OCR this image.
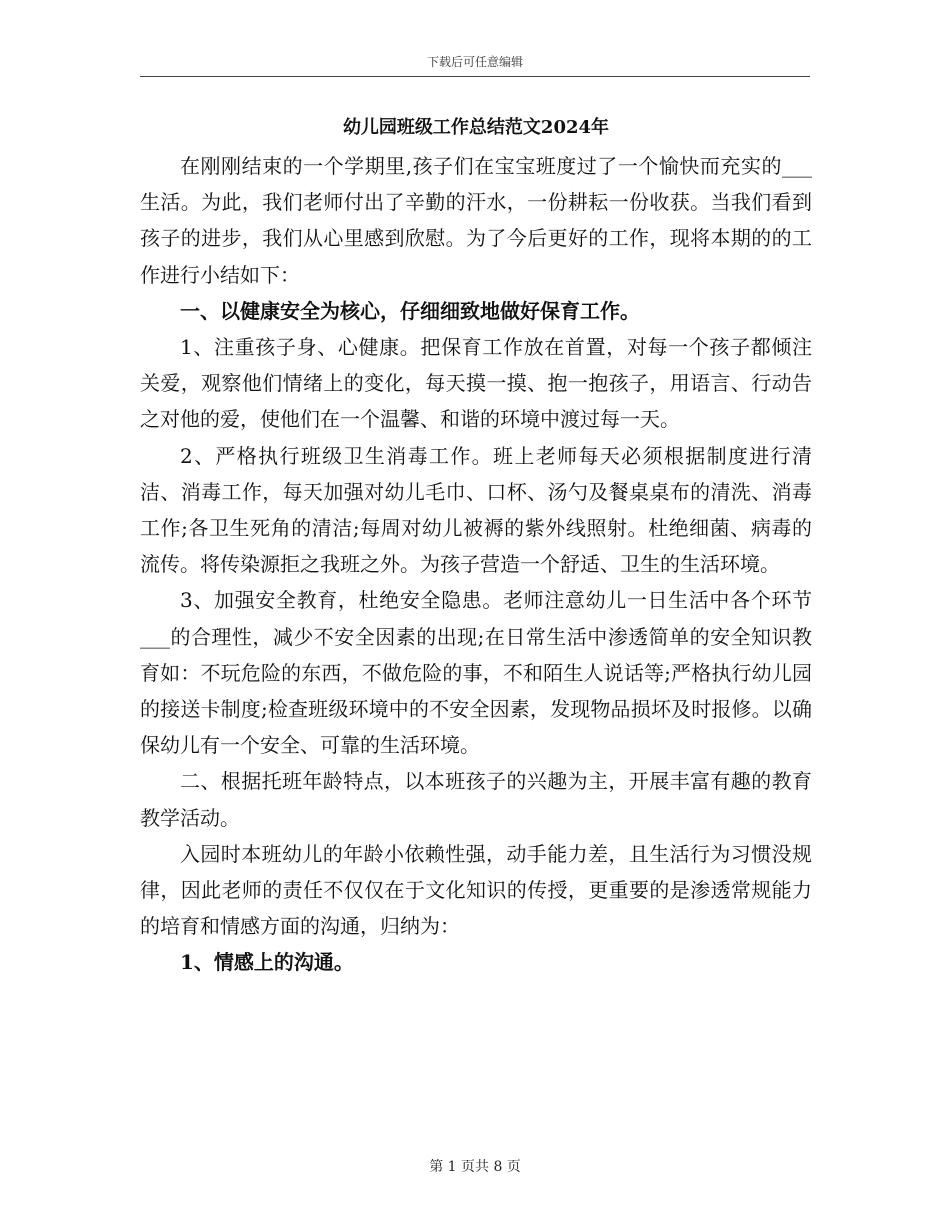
下载后可任意编辑
幼儿园班级工作总结范文2024年

在刚刚结束的一个学期里,孩子们在宝宝班度过了一个愉快而充实的___生活。为此，我们老师付出了辛勤的汗水，一份耕耘一份收获。当我们看到孩子的进步，我们从心里感到欣慰。为了今后更好的工作，现将本期的的工作进行小结如下：

一、以健康安全为核心，仔细细致地做好保育工作。

1、注重孩子身、心健康。把保育工作放在首置，对每一个孩子都倾注关爱，观察他们情绪上的变化，每天摸一摸、抱一抱孩子，用语言、行动告之对他的爱，使他们在一个温馨、和谐的环境中渡过每一天。

2、严格执行班级卫生消毒工作。班上老师每天必须根据制度进行清洁、消毒工作，每天加强对幼儿毛巾、口杯、汤勺及餐桌桌布的清洗、消毒工作;各卫生死角的清洁;每周对幼儿被褥的紫外线照射。杜绝细菌、病毒的流传。将传染源拒之我班之外。为孩子营造一个舒适、卫生的生活环境。

3、加强安全教育，杜绝安全隐患。老师注意幼儿一日生活中各个环节___的合理性，减少不安全因素的出现;在日常生活中渗透简单的安全知识教育如：不玩危险的东西，不做危险的事，不和陌生人说话等;严格执行幼儿园的接送卡制度;检查班级环境中的不安全因素，发现物品损坏及时报修。以确保幼儿有一个安全、可靠的生活环境。

二、根据托班年龄特点，以本班孩子的兴趣为主，开展丰富有趣的教育教学活动。

入园时本班幼儿的年龄小依赖性强，动手能力差，且生活行为习惯没规律，因此老师的责任不仅仅在于文化知识的传授，更重要的是渗透常规能力的培育和情感方面的沟通，归纳为：

1、情感上的沟通。

第 1 页共 8 页
